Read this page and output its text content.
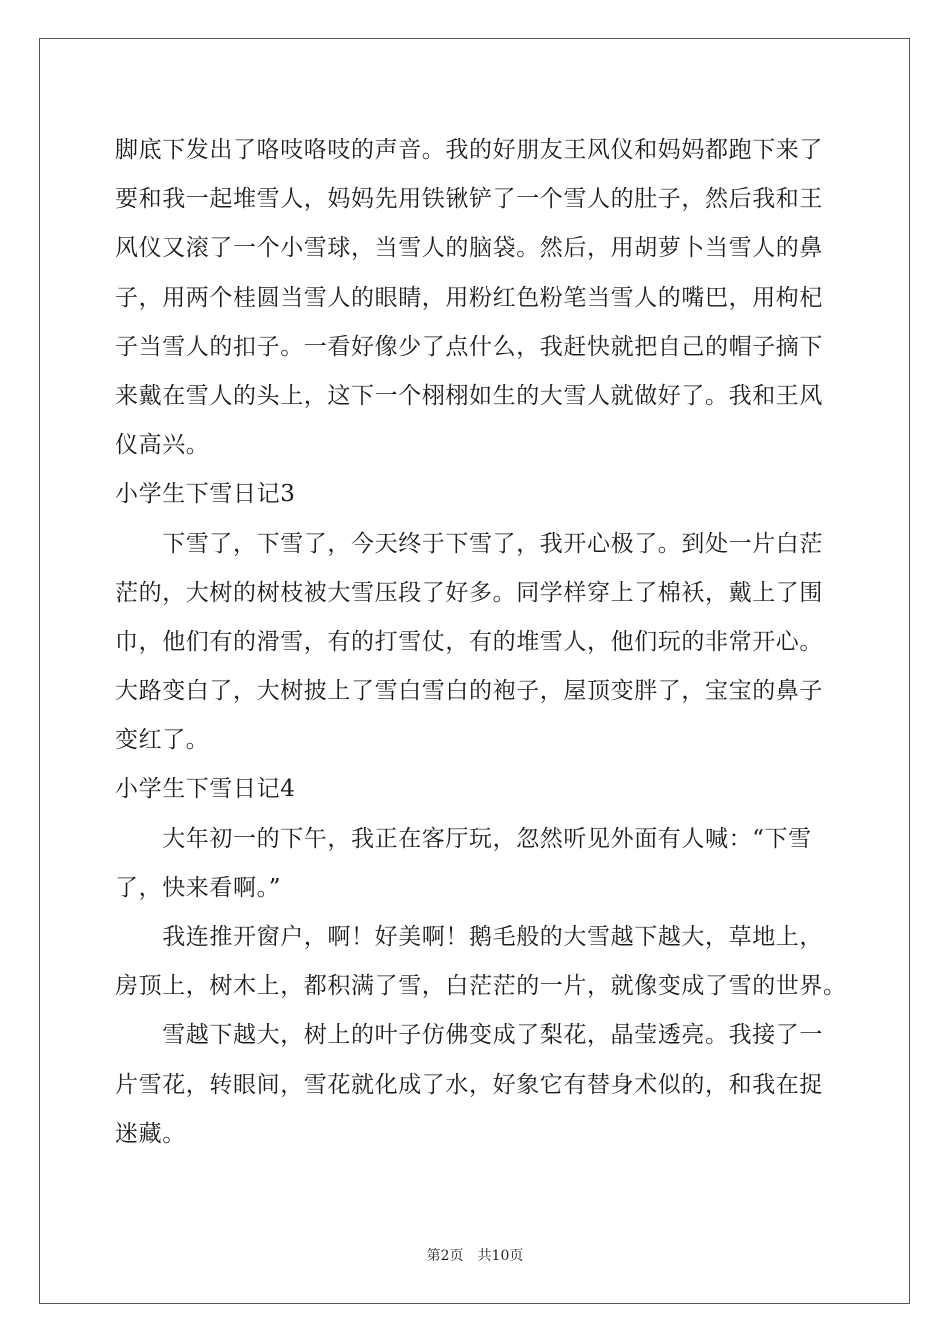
脚底下发出了咯吱咯吱的声音。我的好朋友王风仪和妈妈都跑下来了
要和我一起堆雪人，妈妈先用铁锹铲了一个雪人的肚子，然后我和王
风仪又滚了一个小雪球，当雪人的脑袋。然后，用胡萝卜当雪人的鼻
子，用两个桂圆当雪人的眼睛，用粉红色粉笔当雪人的嘴巴，用枸杞
子当雪人的扣子。一看好像少了点什么，我赶快就把自己的帽子摘下
来戴在雪人的头上，这下一个栩栩如生的大雪人就做好了。我和王风
仪高兴。
小学生下雪日记3
　　下雪了，下雪了，今天终于下雪了，我开心极了。到处一片白茫
茫的，大树的树枝被大雪压段了好多。同学样穿上了棉袄，戴上了围
巾，他们有的滑雪，有的打雪仗，有的堆雪人，他们玩的非常开心。
大路变白了，大树披上了雪白雪白的袍子，屋顶变胖了，宝宝的鼻子
变红了。
小学生下雪日记4
　　大年初一的下午，我正在客厅玩，忽然听见外面有人喊：“下雪
了，快来看啊。”
　　我连推开窗户，啊！好美啊！鹅毛般的大雪越下越大，草地上，
房顶上，树木上，都积满了雪，白茫茫的一片，就像变成了雪的世界。
　　雪越下越大，树上的叶子仿佛变成了梨花，晶莹透亮。我接了一
片雪花，转眼间，雪花就化成了水，好象它有替身术似的，和我在捉
迷藏。
第2页 共10页
